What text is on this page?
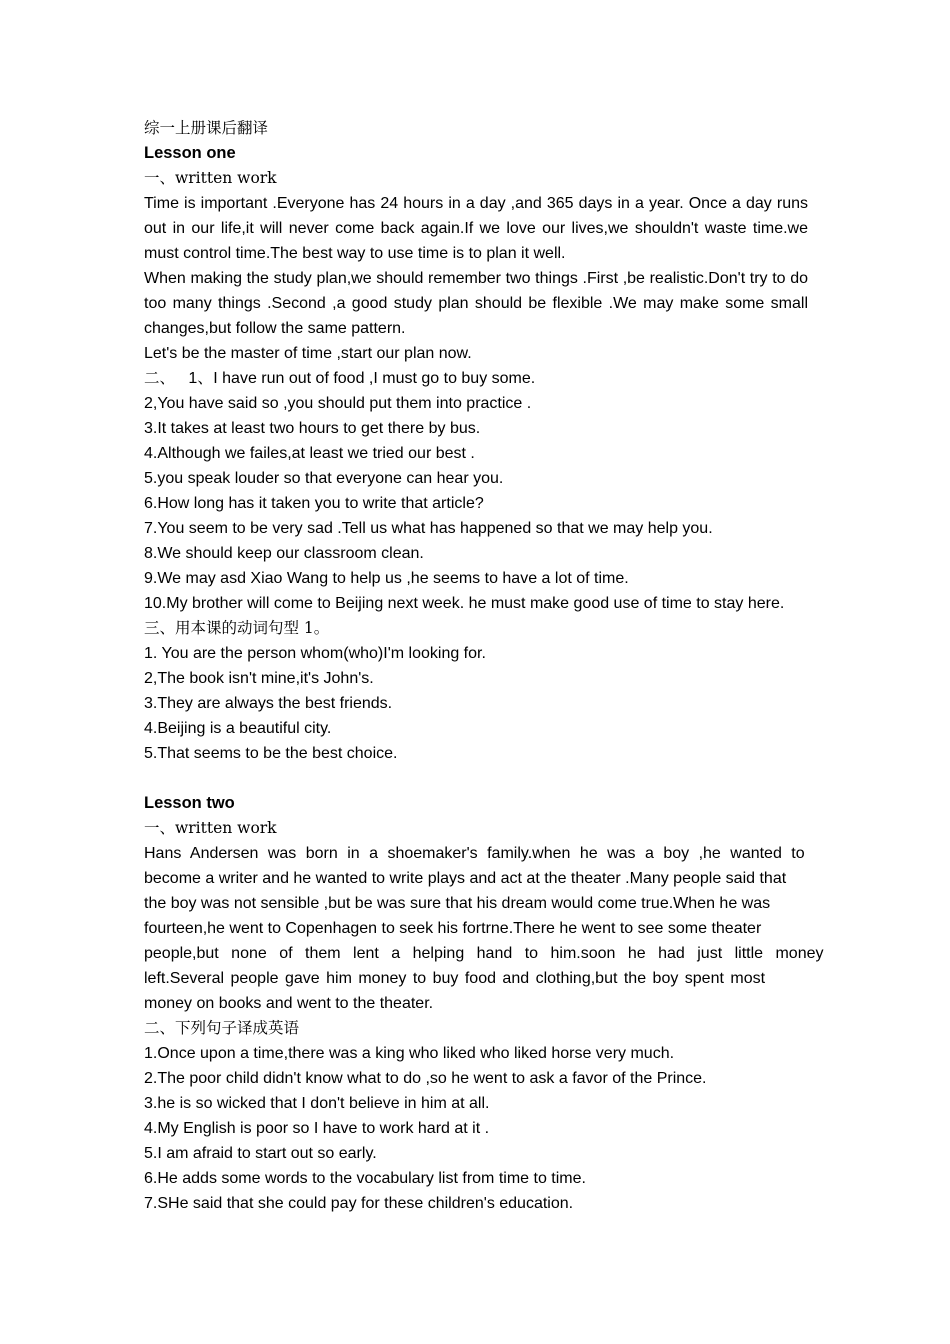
综一上册课后翻译
Lesson one
一、written work
Time is important .Everyone has 24 hours in a day ,and 365 days in a year. Once a day runs out in our life,it will never come back again.If we love our lives,we shouldn't waste time.we must control time.The best way to use time is to plan it well.
When making the study plan,we should remember two things .First ,be realistic.Don't try to do too many things .Second ,a good study plan should be flexible .We may make some small changes,but follow the same pattern.
Let's be the master of time ,start our plan now.
二、 1、I have run out of food ,I must go to buy some.
2,You have said so ,you should put them into practice .
3.It takes at least two hours to get there by bus.
4.Although we failes,at least we tried our best .
5.you speak louder so that everyone can hear you.
6.How long has it taken you to write that article?
7.You seem to be very sad .Tell us what has happened so that we may help you.
8.We should keep our classroom clean.
9.We may asd Xiao Wang to help us ,he seems to have a lot of time.
10.My brother will come to Beijing next week. he must make good use of time to stay here.
三、用本课的动词句型 1。
1. You are the person whom(who)I'm looking for.
2,The book isn't mine,it's John's.
3.They are always the best friends.
4.Beijing is a beautiful city.
5.That seems to be the best choice.
Lesson two
一、written work
Hans Andersen was born in a shoemaker's family.when he was a boy ,he wanted to
become a writer and he wanted to write plays and act at the theater .Many people said that
the boy was not sensible ,but be was sure that his dream would come true.When he was
fourteen,he went to Copenhagen to seek his fortrne.There he went to see some theater
people,but none of them lent a helping hand to him.soon he had just little money
left.Several people gave him money to buy food and clothing,but the boy spent most
money on books and went to the theater.
二、下列句子译成英语
1.Once upon a time,there was a king who liked who liked horse very much.
2.The poor child didn't know what to do ,so he went to ask a favor of the Prince.
3.he is so wicked that I don't believe in him at all.
4.My English is poor so I have to work hard at it .
5.I am afraid to start out so early.
6.He adds some words to the vocabulary list from time to time.
7.SHe said that she could pay for these children's education.
